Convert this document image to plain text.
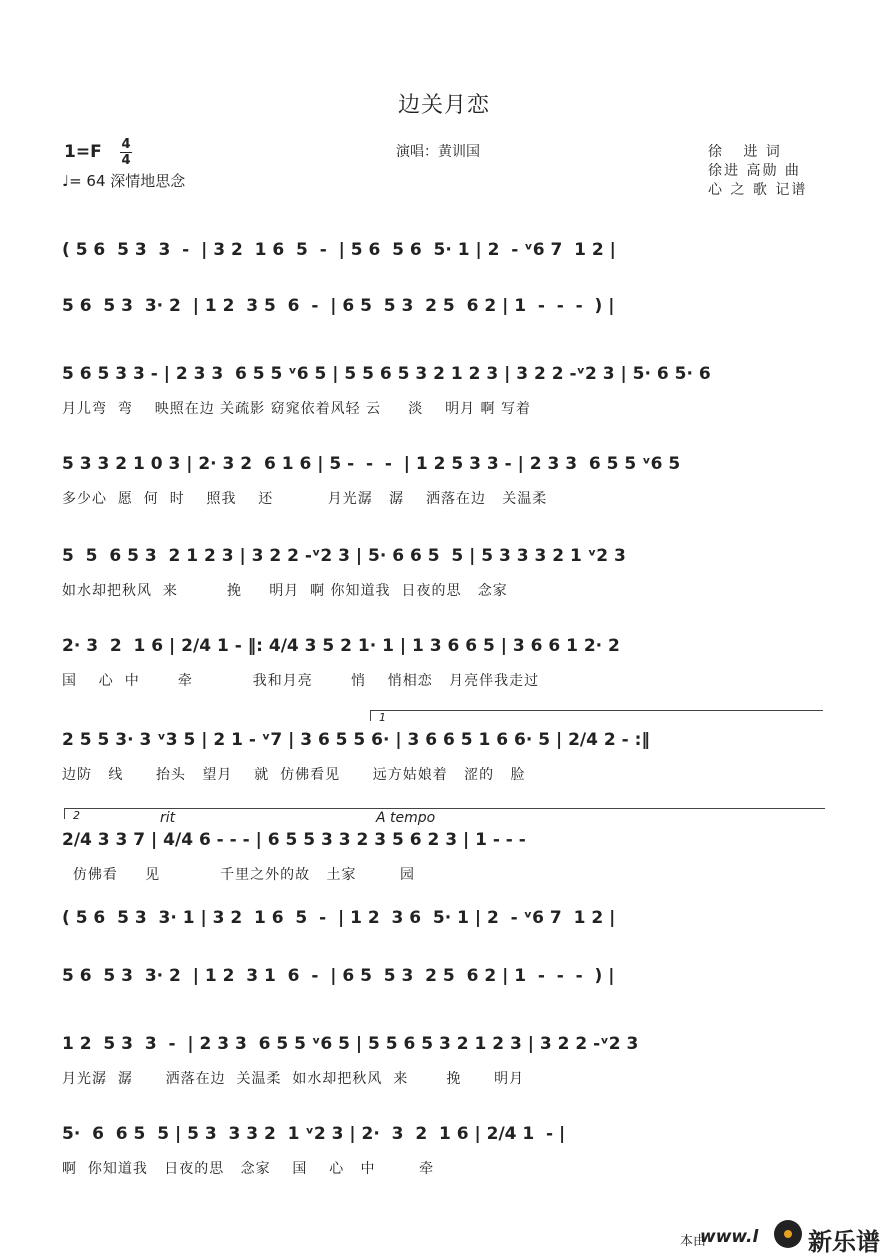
边关月恋
1=F 4
4
♩= 64 深情地思念
演唱：黄训国	徐   进 词
徐进 高勋 曲
心 之 歌 记谱
( 5 6  5 3  3  -  | 3 2  1 6  5  -  | 5 6  5 6  5· 1 | 2  - ᵛ6 7  1 2 |
5 6  5 3  3· 2  | 1 2  3 5  6  -  | 6 5  5 3  2 5  6 2 | 1  -  -  -  ) |
5 6 5 3 3 - | 2 3 3  6 5 5 ᵛ6 5 | 5 5 6 5 3 2 1 2 3 | 3 2 2 -ᵛ2 3 | 5· 6 5· 6
月儿弯  弯    映照在边 关疏影 窈窕依着风轻 云     淡    明月 啊 写着
5 3 3 2 1 0 3 | 2· 3 2  6 1 6 | 5 -  -  -  | 1 2 5 3 3 - | 2 3 3  6 5 5 ᵛ6 5
多少心  愿  何  时    照我    还          月光潺   潺    洒落在边   关温柔
5  5  6 5 3  2 1 2 3 | 3 2 2 -ᵛ2 3 | 5· 6 6 5  5 | 5 3 3 3 2 1 ᵛ2 3
如水却把秋风  来         挽     明月  啊 你知道我  日夜的思   念家
2· 3  2  1 6 | 2/4 1 - ‖: 4/4 3 5 2 1· 1 | 1 3 6 6 5 | 3 6 6 1 2· 2
国    心  中       牵           我和月亮       悄    悄相恋   月亮伴我走过
2 5 5 3· 3 ᵛ3 5 | 2 1 - ᵛ7 | 3 6 5 5 6· | 3 6 6 5 1 6 6· 5 | 2/4 2 - :‖
边防   线      抬头   望月    就  仿佛看见      远方姑娘着   涩的   脸
2/4 3 3 7 | 4/4 6 - - - | 6 5 5 3 3 2 3 5 6 2 3 | 1 - - -
仿佛看     见           千里之外的故   土家        园
( 5 6  5 3  3· 1 | 3 2  1 6  5  -  | 1 2  3 6  5· 1 | 2  - ᵛ6 7  1 2 |
5 6  5 3  3· 2  | 1 2  3 1  6  -  | 6 5  5 3  2 5  6 2 | 1  -  -  -  ) |
1 2  5 3  3  -  | 2 3 3  6 5 5 ᵛ6 5 | 5 5 6 5 3 2 1 2 3 | 3 2 2 -ᵛ2 3
月光潺  潺      洒落在边  关温柔  如水却把秋风  来       挽      明月
5·  6  6 5  5 | 5 3  3 3 2  1 ᵛ2 3 | 2·  3  2  1 6 | 2/4 1  - |
啊  你知道我   日夜的思   念家    国    心   中        牵
1
2	rit	A tempo
本由
www.l 新乐谱
